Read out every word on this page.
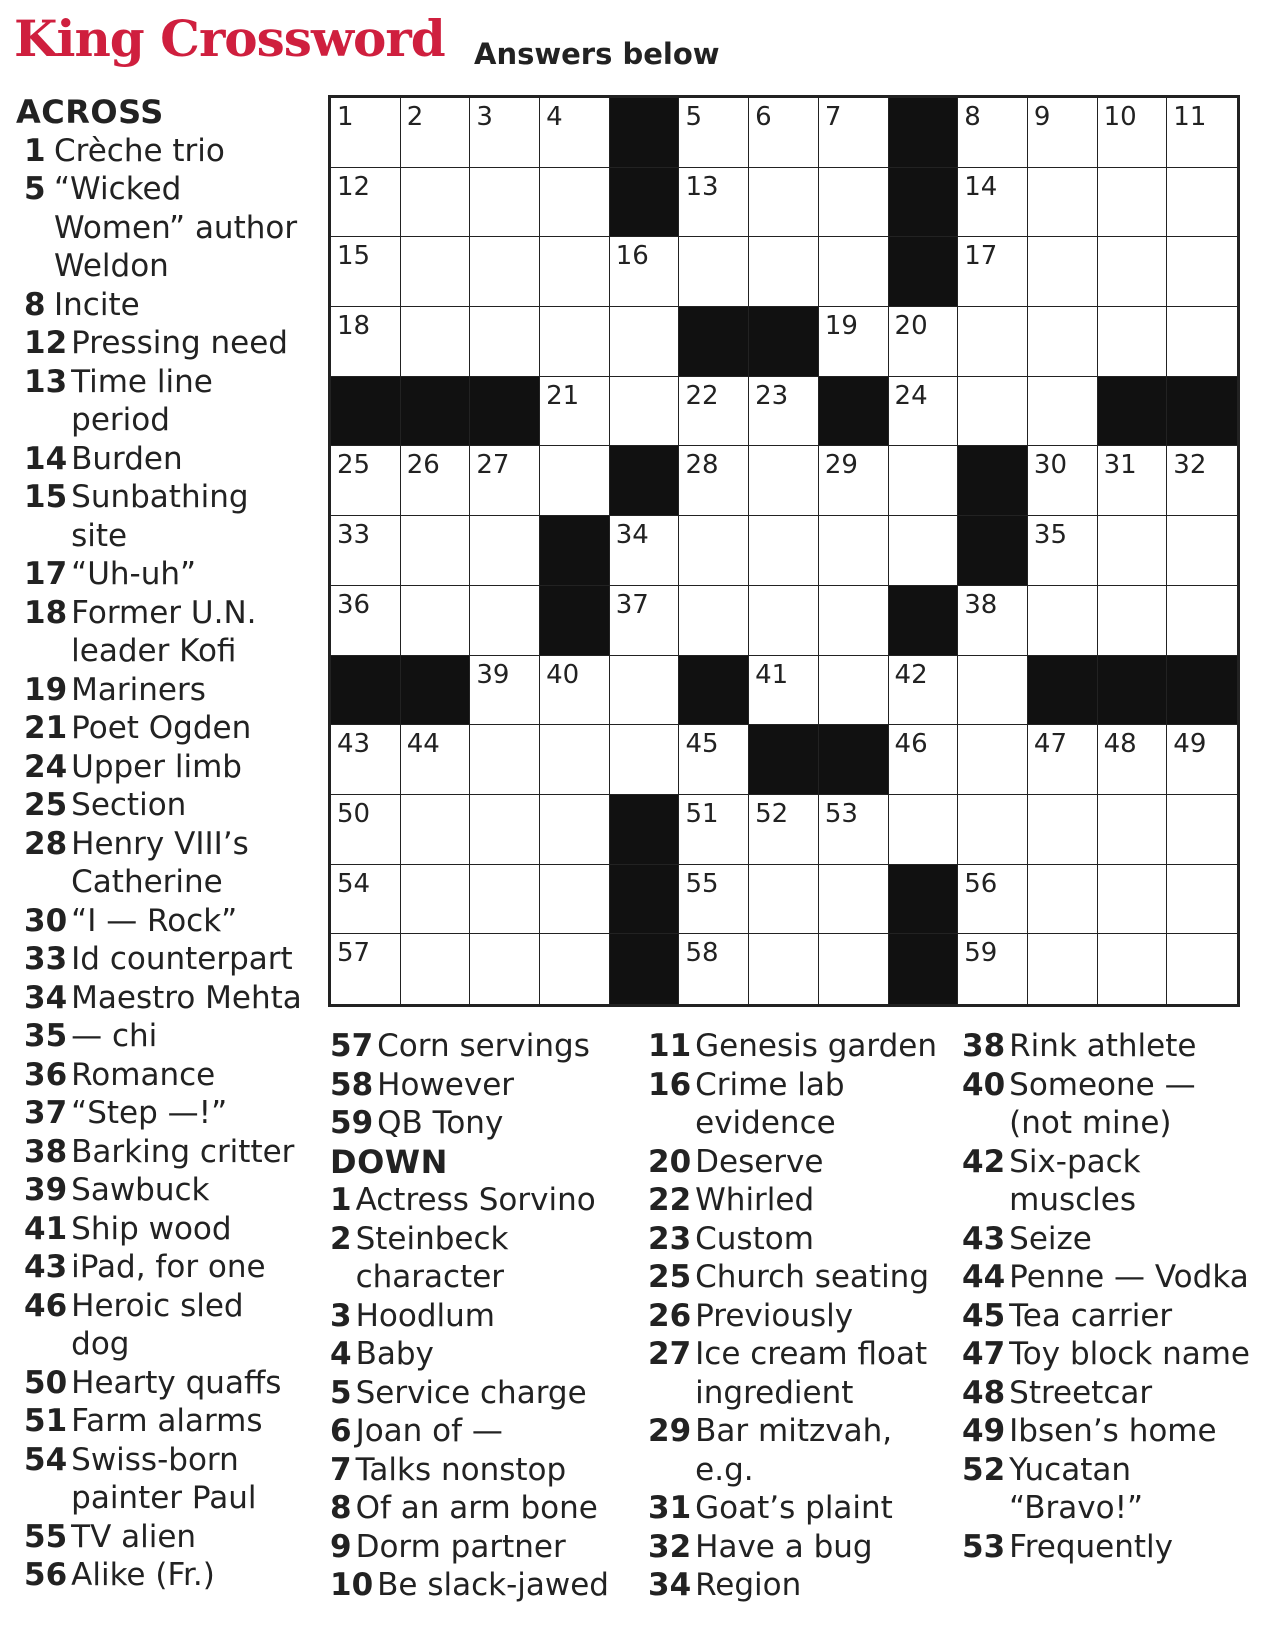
King Crossword Answers below
1 2 3 4	5 6 7	8 9 10 11
12	13	14
15	16	17
18	19 20
21	22 23	24
25 26 27	28	29	30 31 32
33	34	35
36	37	38
39 40	41	42
43 44	45	46	47 48 49
50	51 52 53
54	55	56
57	58	59
ACROSS
1 Crèche trio
5 “Wicked Women” author Weldon
8 Incite
12 Pressing need
13 Time line period
14 Burden
15 Sunbathing site
17 “Uh-uh”
18 Former U.N. leader Kofi
19 Mariners
21 Poet Ogden
24 Upper limb
25 Section
28 Henry VIII’s Catherine
30 “I — Rock”
33 Id counterpart
34 Maestro Mehta
35 — chi
36 Romance
37 “Step —!”
38 Barking critter
39 Sawbuck
41 Ship wood
43 iPad, for one
46 Heroic sled dog
50 Hearty quaffs
51 Farm alarms
54 Swiss-born painter Paul
55 TV alien
56 Alike (Fr.)
57 Corn servings
58 However
59 QB Tony
DOWN
1 Actress Sorvino
2 Steinbeck character
3 Hoodlum
4 Baby
5 Service charge
6 Joan of —
7 Talks nonstop
8 Of an arm bone
9 Dorm partner
10 Be slack-jawed
11 Genesis garden
16 Crime lab evidence
20 Deserve
22 Whirled
23 Custom
25 Church seating
26 Previously
27 Ice cream float ingredient
29 Bar mitzvah, e.g.
31 Goat’s plaint
32 Have a bug
34 Region
38 Rink athlete
40 Someone — (not mine)
42 Six-pack muscles
43 Seize
44 Penne — Vodka
45 Tea carrier
47 Toy block name
48 Streetcar
49 Ibsen’s home
52 Yucatan “Bravo!”
53 Frequently
